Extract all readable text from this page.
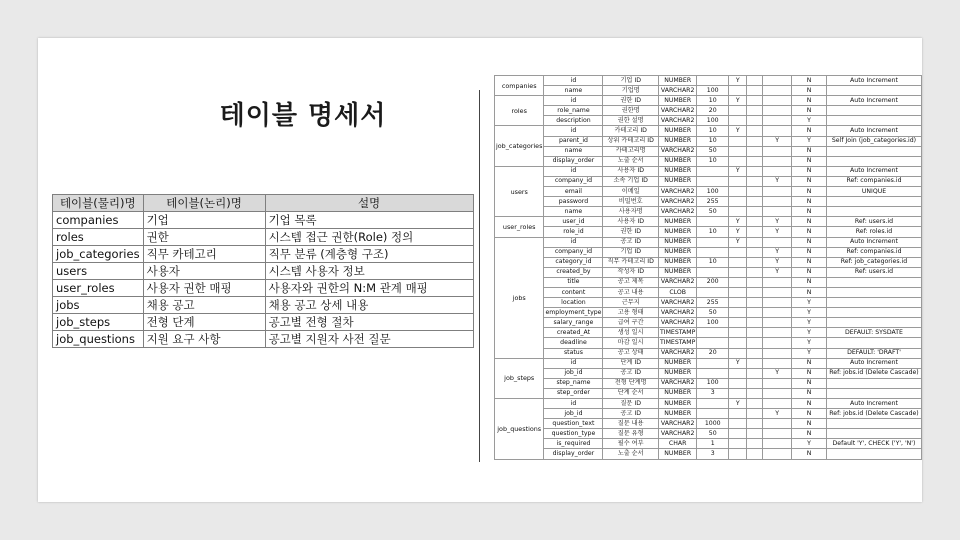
테이블 명세서
테이블(물리)명	테이블(논리)명	설명
companies	기업	기업 목록
roles	권한	시스템 접근 권한(Role) 정의
job_categories	직무 카테고리	직무 분류 (계층형 구조)
users	사용자	시스템 사용자 정보
user_roles	사용자 권한 매핑	사용자와 권한의 N:M 관계 매핑
jobs	채용 공고	채용 공고 상세 내용
job_steps	전형 단계	공고별 전형 절차
job_questions	지원 요구 사항	공고별 지원자 사전 질문
companies	id	기업 ID	NUMBER		Y			N	Auto Increment
	name	기업명	VARCHAR2	100				N	
roles	id	권한 ID	NUMBER	10	Y			N	Auto Increment
	role_name	권한명	VARCHAR2	20				N	
	description	권한 설명	VARCHAR2	100				Y	
job_categories	id	카테고리 ID	NUMBER	10	Y			N	Auto Increment
	parent_id	상위 카테고리 ID	NUMBER	10			Y	Y	Self Join (job_categories.id)
	name	카테고리명	VARCHAR2	50				N	
	display_order	노출 순서	NUMBER	10				N	
users	id	사용자 ID	NUMBER		Y			N	Auto Increment
	company_id	소속 기업 ID	NUMBER				Y	N	Ref: companies.id
	email	이메일	VARCHAR2	100				N	UNIQUE
	password	비밀번호	VARCHAR2	255				N	
	name	사용자명	VARCHAR2	50				N	
user_roles	user_id	사용자 ID	NUMBER		Y		Y	N	Ref: users.id
	role_id	권한 ID	NUMBER	10	Y		Y	N	Ref: roles.id
jobs	id	공고 ID	NUMBER		Y			N	Auto Increment
	company_id	기업 ID	NUMBER				Y	N	Ref: companies.id
	category_id	직무 카테고리 ID	NUMBER	10			Y	N	Ref: job_categories.id
	created_by	작성자 ID	NUMBER				Y	N	Ref: users.id
	title	공고 제목	VARCHAR2	200				N	
	content	공고 내용	CLOB					N	
	location	근무지	VARCHAR2	255				Y	
	employment_type	고용 형태	VARCHAR2	50				Y	
	salary_range	급여 구간	VARCHAR2	100				Y	
	created_At	생성 일시	TIMESTAMP					Y	DEFAULT: SYSDATE
	deadline	마감 일시	TIMESTAMP					Y	
	status	공고 상태	VARCHAR2	20				Y	DEFAULT: 'DRAFT'
job_steps	id	단계 ID	NUMBER		Y			N	Auto Increment
	job_id	공고 ID	NUMBER				Y	N	Ref: jobs.id (Delete Cascade)
	step_name	전형 단계명	VARCHAR2	100				N	
	step_order	단계 순서	NUMBER	3				N	
job_questions	id	질문 ID	NUMBER		Y			N	Auto Increment
	job_id	공고 ID	NUMBER				Y	N	Ref: jobs.id (Delete Cascade)
	question_text	질문 내용	VARCHAR2	1000				N	
	question_type	질문 유형	VARCHAR2	50				N	
	is_required	필수 여부	CHAR	1				Y	Default 'Y', CHECK ('Y', 'N')
	display_order	노출 순서	NUMBER	3				N	
